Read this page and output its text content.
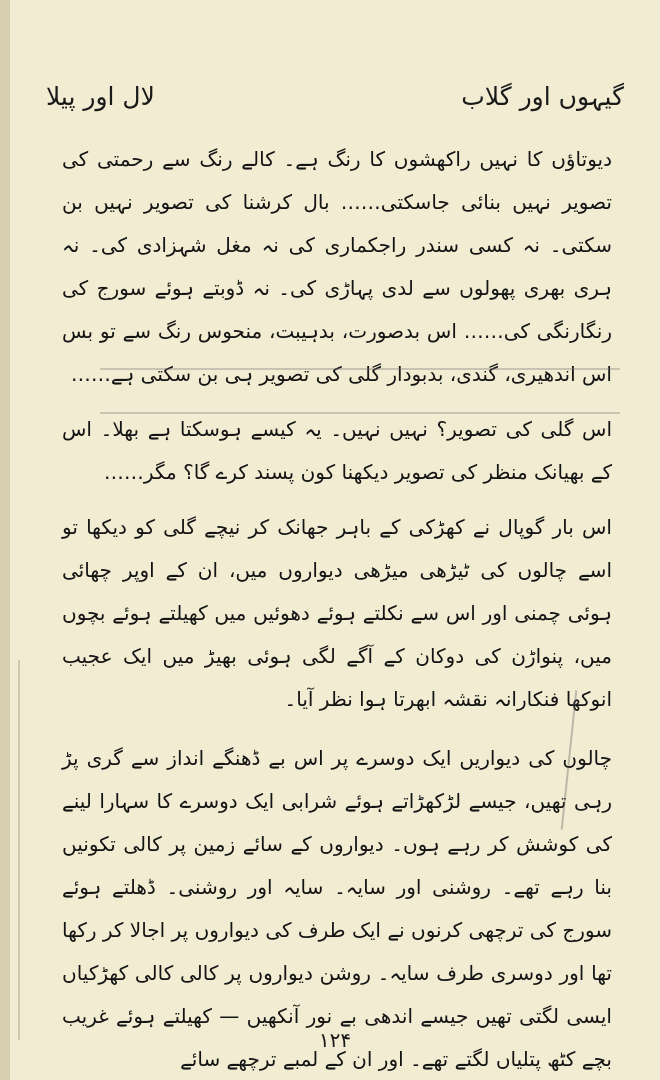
گیہوں اور گلاب
لال اور پیلا

دیوتاؤں کا نہیں راکھشوں کا رنگ ہے۔ کالے رنگ سے رحمتی کی تصویر نہیں بنائی جاسکتی…… بال کرشنا کی تصویر نہیں بن سکتی۔ نہ کسی سندر راجکماری کی نہ مغل شہزادی کی۔ نہ ہری بھری پھولوں سے لدی پہاڑی کی۔ نہ ڈوبتے ہوئے سورج کی رنگارنگی کی…… اس بدصورت، بدہیبت، منحوس رنگ سے تو بس اس اندھیری، گندی، بدبودار گلی کی تصویر ہی بن سکتی ہے……

اس گلی کی تصویر؟ نہیں نہیں۔ یہ کیسے ہوسکتا ہے بھلا۔ اس کے بھیانک منظر کی تصویر دیکھنا کون پسند کرے گا؟ مگر……

اس بار گوپال نے کھڑکی کے باہر جھانک کر نیچے گلی کو دیکھا تو اسے چالوں کی ٹیڑھی میڑھی دیواروں میں، ان کے اوپر چھائی ہوئی چمنی اور اس سے نکلتے ہوئے دھوئیں میں کھیلتے ہوئے بچوں میں، پنواڑن کی دوکان کے آگے لگی ہوئی بھیڑ میں ایک عجیب انوکھا فنکارانہ نقشہ ابھرتا ہوا نظر آیا۔

چالوں کی دیواریں ایک دوسرے پر اس بے ڈھنگے انداز سے گری پڑ رہی تھیں، جیسے لڑکھڑاتے ہوئے شرابی ایک دوسرے کا سہارا لینے کی کوشش کر رہے ہوں۔ دیواروں کے سائے زمین پر کالی تکونیں بنا رہے تھے۔ روشنی اور سایہ۔ سایہ اور روشنی۔ ڈھلتے ہوئے سورج کی ترچھی کرنوں نے ایک طرف کی دیواروں پر اجالا کر رکھا تھا اور دوسری طرف سایہ۔ روشن دیواروں پر کالی کالی کھڑکیاں ایسی لگتی تھیں جیسے اندھی بے نور آنکھیں — کھیلتے ہوئے غریب بچے کٹھ پتلیاں لگتے تھے۔ اور ان کے لمبے ترچھے سائے

۱۲۴
